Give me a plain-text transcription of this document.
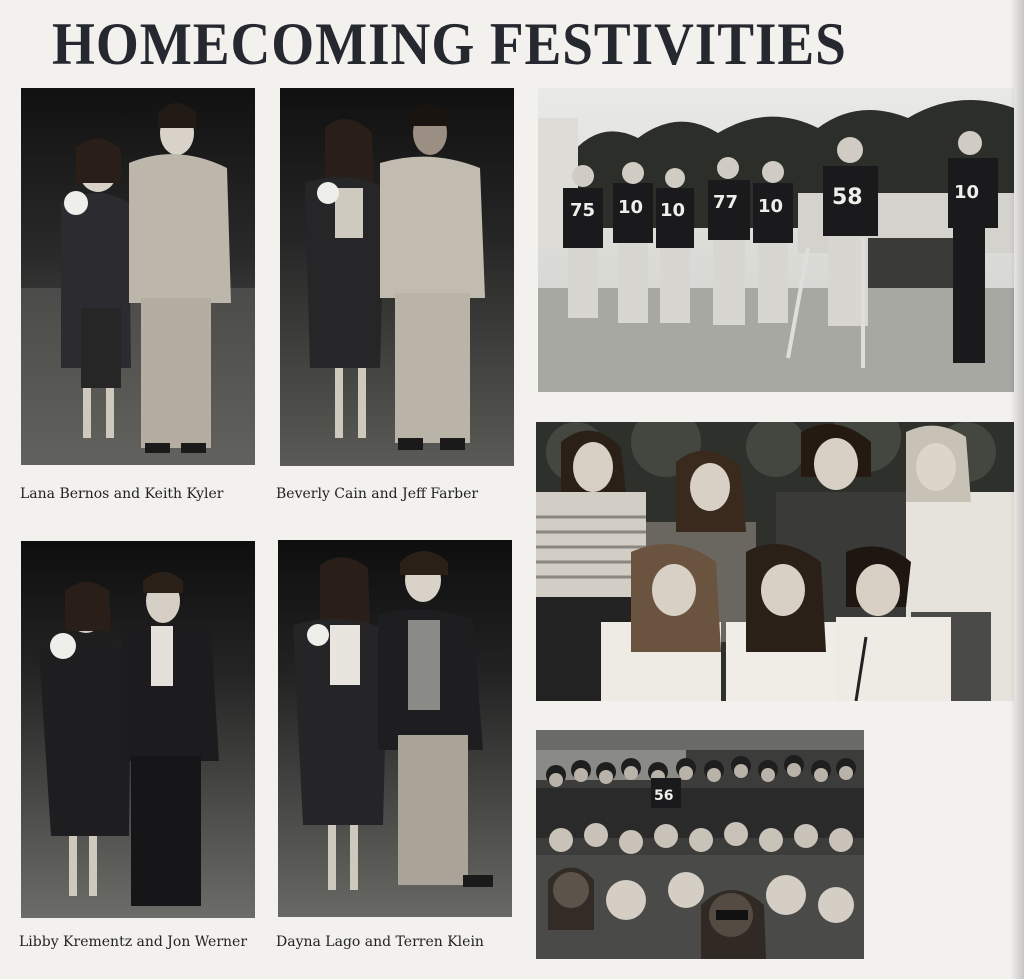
HOMECOMING FESTIVITIES
Lana Bernos and Keith Kyler	Beverly Cain and Jeff Farber
Libby Krementz and Jon Werner Dayna Lago and Terren Klein
75 10 10 77 10 58	10
56
